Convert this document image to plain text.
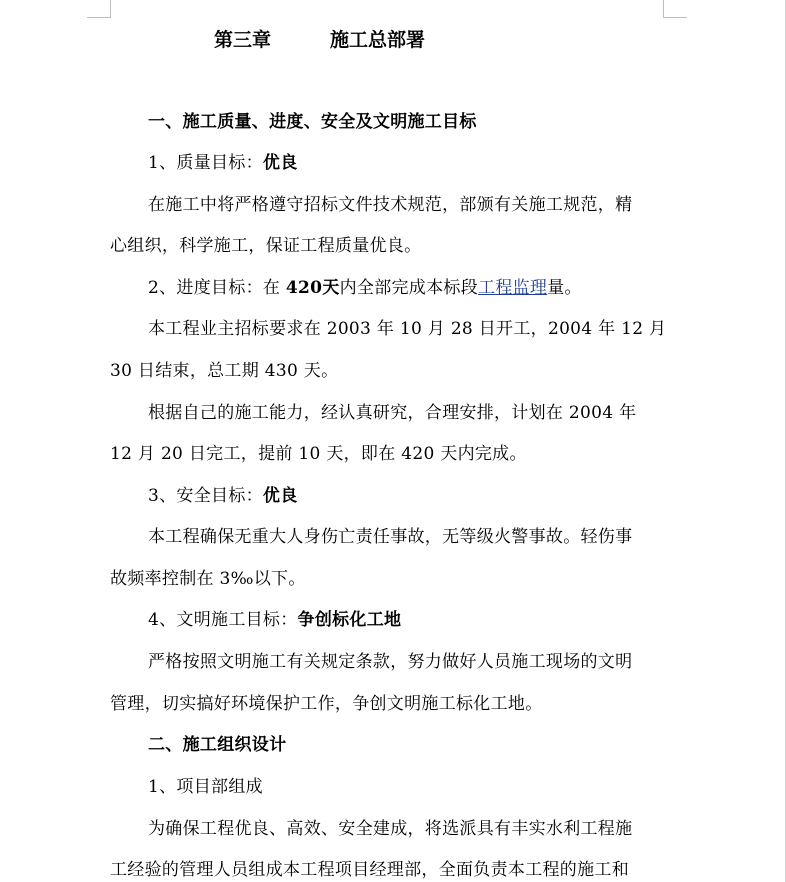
第三章	施工总部署
一、施工质量、进度、安全及文明施工目标
1、质量目标：优良
在施工中将严格遵守招标文件技术规范，部颁有关施工规范，精
心组织，科学施工，保证工程质量优良。
2、进度目标：在 420天内全部完成本标段工程监理量。
本工程业主招标要求在 2003 年 10 月 28 日开工，2004 年 12 月
30 日结束，总工期 430 天。
根据自己的施工能力，经认真研究，合理安排，计划在 2004 年
12 月 20 日完工，提前 10 天，即在 420 天内完成。
3、安全目标：优良
本工程确保无重大人身伤亡责任事故，无等级火警事故。轻伤事
故频率控制在 3‰以下。
4、文明施工目标：争创标化工地
严格按照文明施工有关规定条款，努力做好人员施工现场的文明
管理，切实搞好环境保护工作，争创文明施工标化工地。
二、施工组织设计
1、项目部组成
为确保工程优良、高效、安全建成，将选派具有丰实水利工程施
工经验的管理人员组成本工程项目经理部，全面负责本工程的施工和
